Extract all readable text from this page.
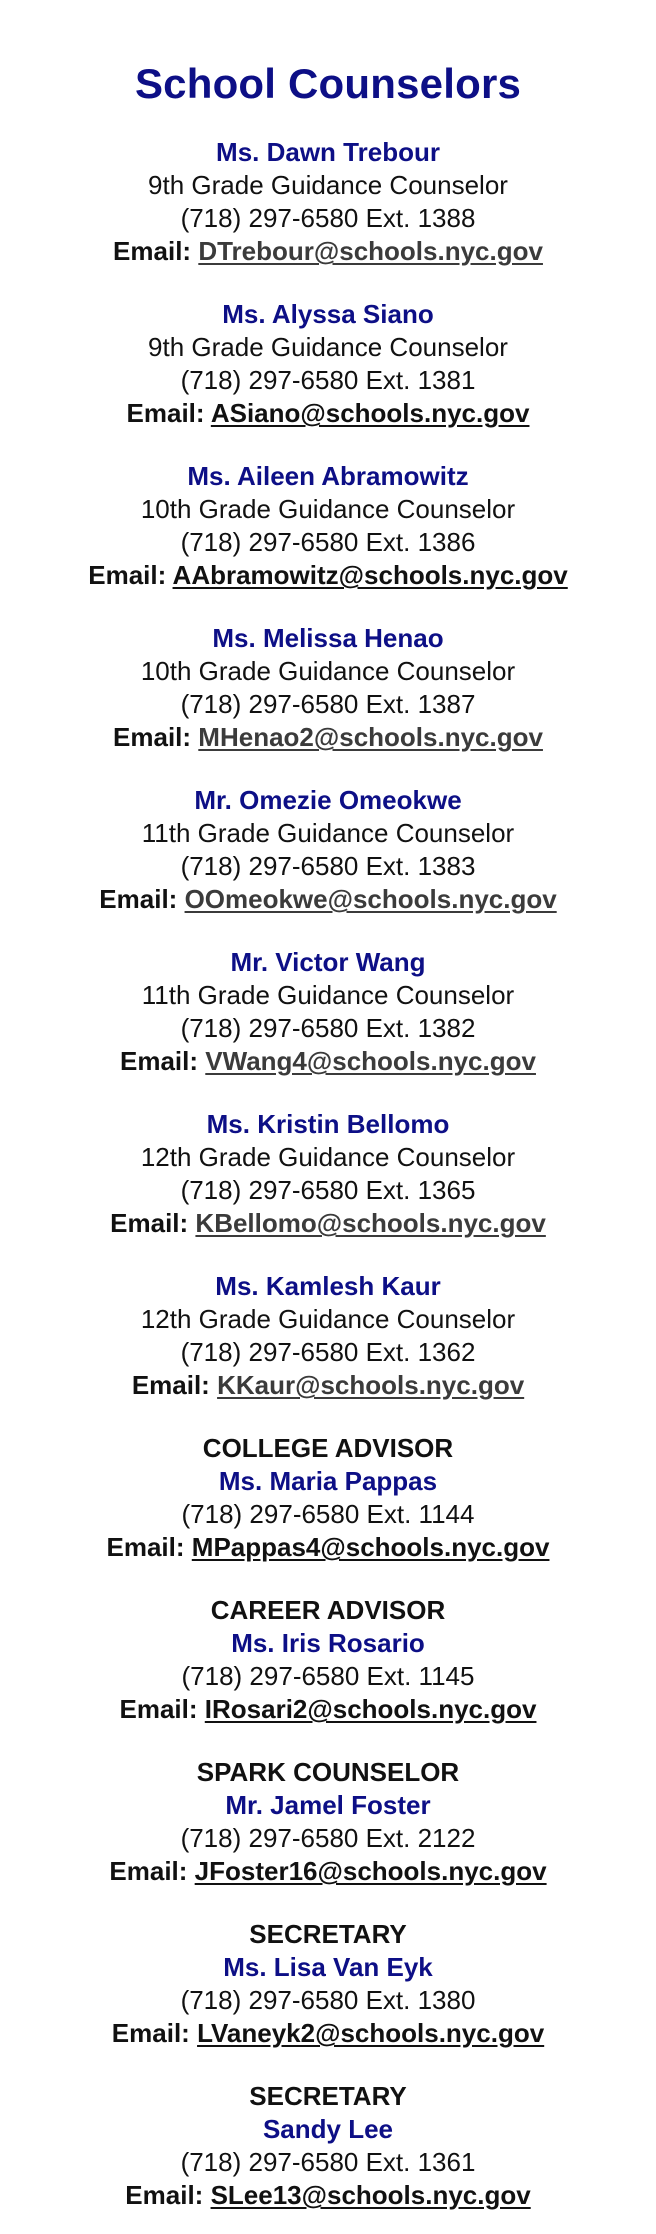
School Counselors
Ms. Dawn Trebour
9th Grade Guidance Counselor
(718) 297-6580 Ext. 1388
Email: DTrebour@schools.nyc.gov
Ms. Alyssa Siano
9th Grade Guidance Counselor
(718) 297-6580 Ext. 1381
Email: ASiano@schools.nyc.gov
Ms. Aileen Abramowitz
10th Grade Guidance Counselor
(718) 297-6580 Ext. 1386
Email: AAbramowitz@schools.nyc.gov
Ms. Melissa Henao
10th Grade Guidance Counselor
(718) 297-6580 Ext. 1387
Email: MHenao2@schools.nyc.gov
Mr. Omezie Omeokwe
11th Grade Guidance Counselor
(718) 297-6580 Ext. 1383
Email: OOmeokwe@schools.nyc.gov
Mr. Victor Wang
11th Grade Guidance Counselor
(718) 297-6580 Ext. 1382
Email: VWang4@schools.nyc.gov
Ms. Kristin Bellomo
12th Grade Guidance Counselor
(718) 297-6580 Ext. 1365
Email: KBellomo@schools.nyc.gov
Ms. Kamlesh Kaur
12th Grade Guidance Counselor
(718) 297-6580 Ext. 1362
Email: KKaur@schools.nyc.gov
COLLEGE ADVISOR
Ms. Maria Pappas
(718) 297-6580 Ext. 1144
Email: MPappas4@schools.nyc.gov
CAREER ADVISOR
Ms. Iris Rosario
(718) 297-6580 Ext. 1145
Email: IRosari2@schools.nyc.gov
SPARK COUNSELOR
Mr. Jamel Foster
(718) 297-6580 Ext. 2122
Email: JFoster16@schools.nyc.gov
SECRETARY
Ms. Lisa Van Eyk
(718) 297-6580 Ext. 1380
Email: LVaneyk2@schools.nyc.gov
SECRETARY
Sandy Lee
(718) 297-6580 Ext. 1361
Email: SLee13@schools.nyc.gov
